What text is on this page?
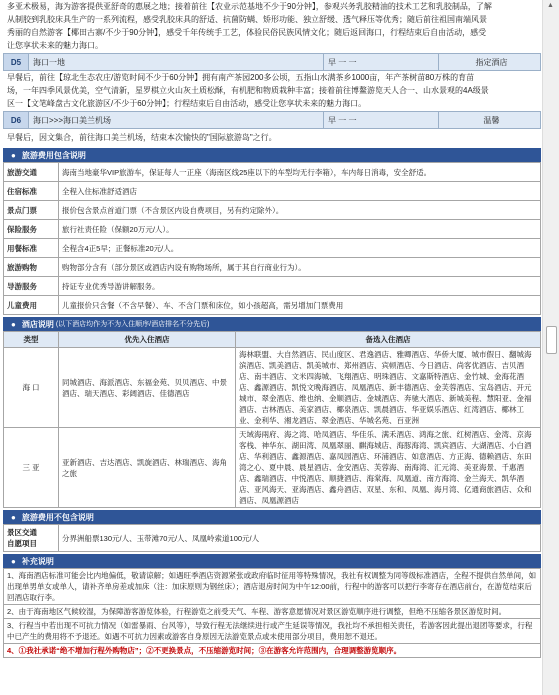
多亚术极易，海为游客提供亚舒奇的惠展之地；接着前往【农业示范基地不少于90分钟】，参观兴务乳胶精油的技术工艺和乳胶制品，了解
从制胶到乳胶床具生产的一系列流程，感受乳胶床具的舒适、抗菌防螨、矫形功能、独立舒缓、透气释压等优秀；随后前往祖国南端风景
秀丽的自然游客【椰田古寨/不少于90分钟】，感受千年传统手工艺，体验民俗民族风情文化；随后返回海口，行程结束后自由活动，感受
让您享状未来的魅力海口。
D5	海口一地	早 一 一	指定酒店
早餐后，前往【琼北生态农庄/游览时间不少于60分钟】拥有南产茶园200多公顷，五指山水满茶乡1000亩，年产茶树苗80万株的育苗
场，一年四季风景优美，空气清新，星罗棋立火山灰土质松酥，有机肥和物质栽种丰富；接着前往博鳌游览天人合一、山水景观的4A级景
区一【文笔峰盘古文化旅游区/不少于60分钟】；行程结束后自由活动，感受让您享状未来的魅力海口。
D6	海口>>>海口美兰机场	早 一 一	温馨
早餐后，因文集合，前往海口美兰机场，结束本次愉快的"国际旅游岛"之行。
● 旅游费用包含说明
旅游交通	海南当地豪华VIP旅游车，保证每人一正座（海南区线25座以下的车型均无行李箱），车内每日消毒，安全舒适。
住宿标准	全程入住标准舒适酒店
景点门票	报价包含景点首道门票（不含景区内设自费项目，另有约定除外）。
保险服务	旅行社责任险（保额20万元/人）。
用餐标准	全程含4正5早；正餐标准20元/人。
旅游购物	购物部分含有（部分景区或酒店内设有购物场所，属于其自行商业行为）。
导游服务	持证专业优秀导游讲解服务。
儿童费用	儿童报价只含餐（不含早餐）、车、不含门票和床位，如小孩超高，需另增加门票费用
● 酒店说明 (以下酒店均作为不为入住顺序/酒店排名不分先后)
类型	优先入住酒店	备选入住酒店
海 口	同城酒店、海派酒店、东福金苑、贝贝酒店、中景酒店、瑞天酒店、彩阔酒店、佳德酒店	海林联盟、大自然酒店、民山度区、君逸酒店、雅卿酒店、华侨大厦、城市假日、翻城海滨酒店、凯美酒店、凯美城市、郑州酒店、宾顿酒店、今日酒店、尚客优酒店、吉贝酒店、南丰酒店、文米四海城、飞翔酒店、明珠酒店、文嘉斯特酒店、金竹城、金海花酒店、鑫源酒店、凯悦文晚海酒店、凤凰酒店、新丰德酒店、金芙蓉酒店、宝岛酒店、开元城市、翠金酒店、维也纳、金顺酒店、金城酒店、奔驰大酒店、新城美程、慧阳亚、金福酒店、吉林酒店、美家酒店、椰泉酒店、凯晨酒店、华亚娱乐酒店、红湾酒店、椰林工业、金利华、湘龙酒店、翠金酒店、华城名苑、百亚洲
三 亚	亚新酒店、吉达酒店、凯旋酒店、林瑞酒店、海角之旅	天域海兩府、海之湾、哈凤酒店、华佳乐、满禾酒店、鸿海之旅、红树酒店、金湾、京海客栈、神华东、湖田湾、凤凰翠丽、麒海城店、海豚海湾、凯宾酒店、大湖酒店、小白酒店、华利酒店、鑫源酒店、嘉凤园酒店、环浦酒店、如意酒店、方正海、德赖酒店、东田湾之心、夏中晨、晨星酒店、金安酒店、芙蓉海、南海湾、汇元湾、美亚海景、千惠酒店、鑫瑞酒店、中悦酒店、顺捷酒店、海棠海、凤凰道、南方海湾、金兰海天、凯华酒店、亚风海天、亚海酒店、鑫舟酒店、双星、东和、凤凰、海月湾、亿通商旅酒店、众和酒店、凤凰源酒店
● 旅游费用不包含说明
景区交通
自愿项目	分界洲船票130元/人、玉带滩70元/人、凤凰岭索道100元/人
● 补充说明
1、海南酒店标准可能会比内地偏低，敬请谅解；如遇旺季酒店资源紧张或政府临时征用等特殊情况，我社有权调整为同等级标准酒店，全程不提供自然单间，如出现单男单女或单人，请补齐单房差或加床（注：加床原则为钢丝床）；酒店退房时间为中午12:00前，行程中的游客可以把行李寄存在酒店前台，在游览结束后回酒店取行李。
2、由于海南地区气候较湿，为保障游客游览体验，行程游览之前受天气、车程、游客意愿情况对景区游览顺序进行调整，但绝不压缩各景区游览时间。
3、行程当中若出现不可抗力情况（如雷暴雨、台风等），导致行程无法继续进行或产生延误等情况，我社均不承担相关责任，若游客因此提出退团等要求，行程中已产生的费用将不予退还。如遇不可抗力因素或游客自身原因无法游览景点或未使用部分项目，费用恕不退还。
4、①我社承诺“绝不增加行程外购物店”；②不更换景点，不压缩游览时间；③在游客允许范围内，合理调整游览顺序。
▲
